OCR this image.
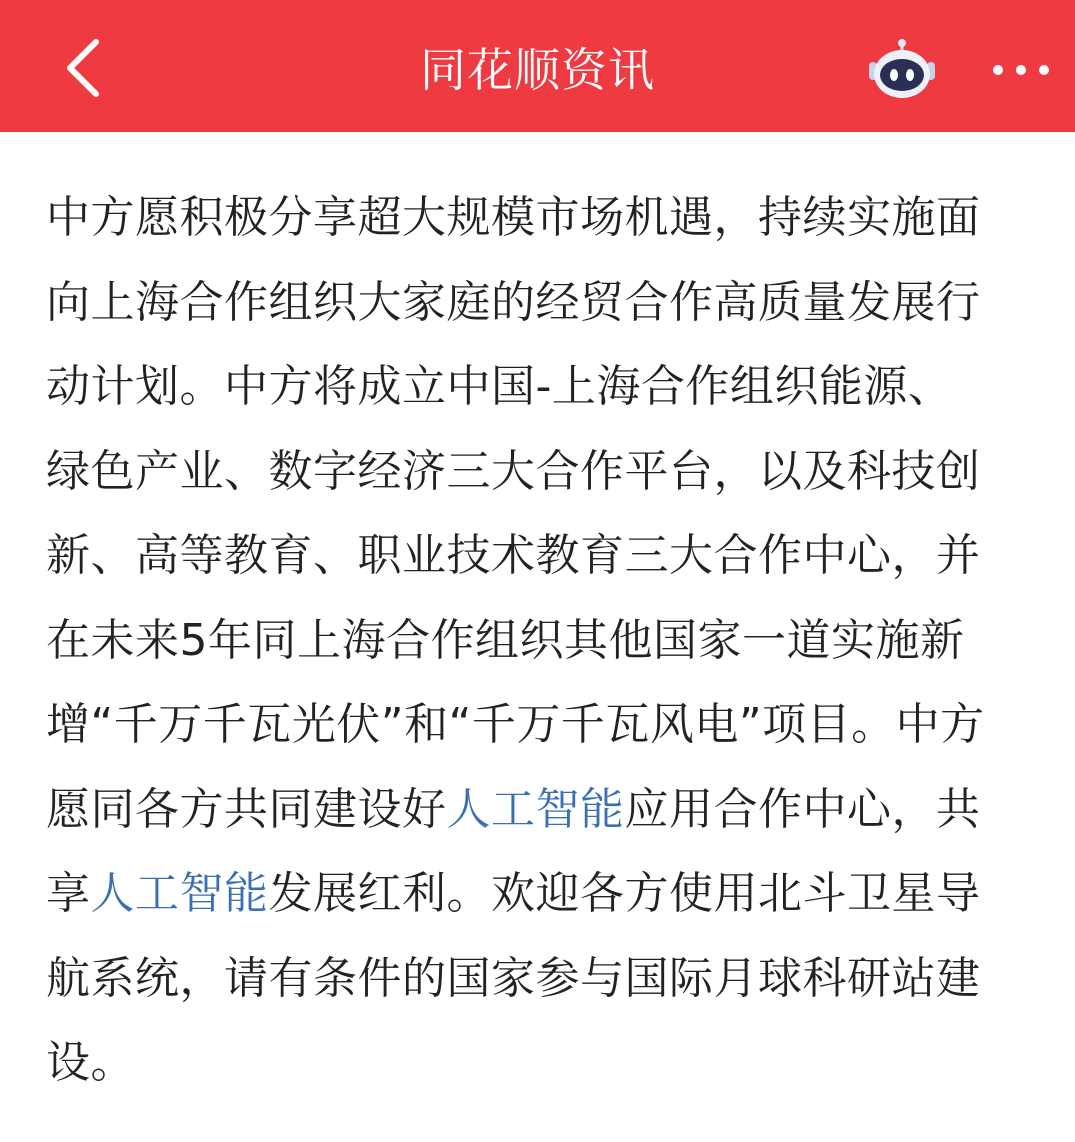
同花顺资讯
中方愿积极分享超大规模市场机遇，持续实施面
向上海合作组织大家庭的经贸合作高质量发展行
动计划。中方将成立中国-上海合作组织能源、
绿色产业、数字经济三大合作平台，以及科技创
新、高等教育、职业技术教育三大合作中心，并
在未来5年同上海合作组织其他国家一道实施新
增“千万千瓦光伏”和“千万千瓦风电”项目。中方
愿同各方共同建设好人工智能应用合作中心，共
享人工智能发展红利。欢迎各方使用北斗卫星导
航系统，请有条件的国家参与国际月球科研站建
设。
